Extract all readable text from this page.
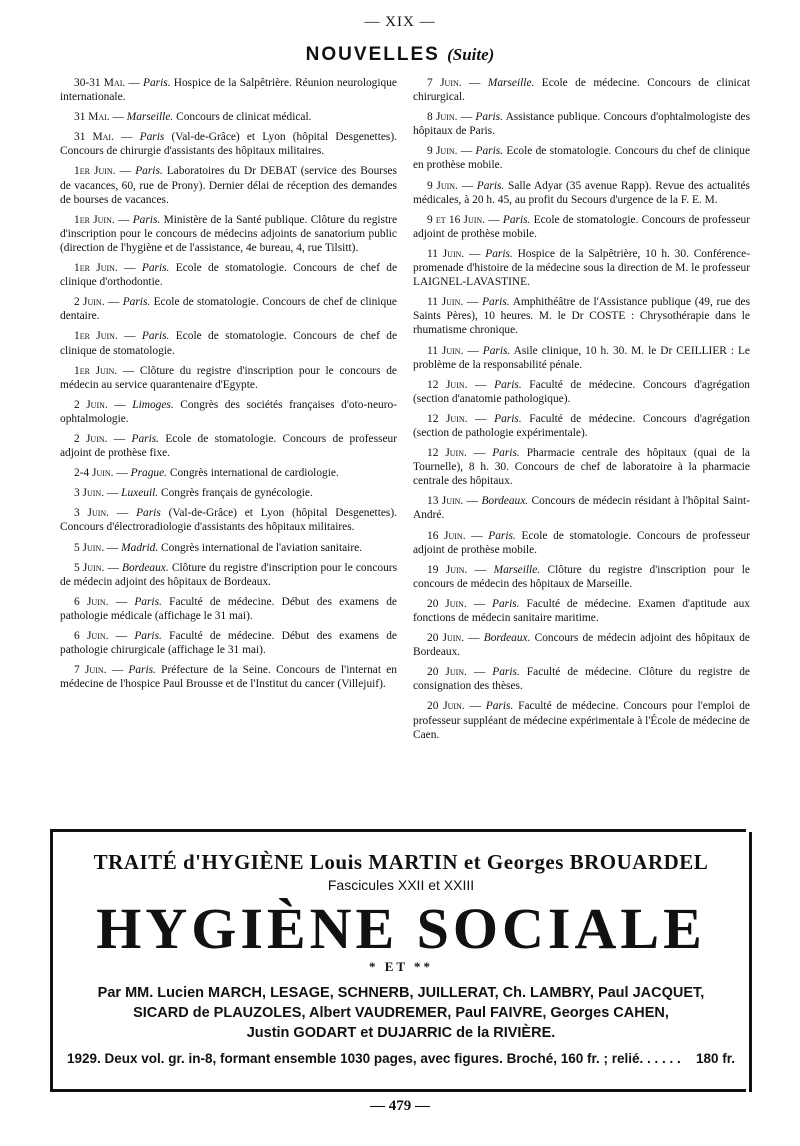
— XIX —
NOUVELLES (Suite)

30-31 Mai. — Paris. Hospice de la Salpêtrière. Réunion neurologique internationale.

31 Mai. — Marseille. Concours de clinicat médical.

31 Mai. — Paris (Val-de-Grâce) et Lyon (hôpital Desgenettes). Concours de chirurgie d'assistants des hôpitaux militaires.

1er Juin. — Paris. Laboratoires du Dr DEBAT (service des Bourses de vacances, 60, rue de Prony). Dernier délai de réception des demandes de bourses de vacances.

1er Juin. — Paris. Ministère de la Santé publique. Clôture du registre d'inscription pour le concours de médecins adjoints de sanatorium public (direction de l'hygiène et de l'assistance, 4e bureau, 4, rue Tilsitt).

1er Juin. — Paris. Ecole de stomatologie. Concours de chef de clinique d'orthodontie.

2 Juin. — Paris. Ecole de stomatologie. Concours de chef de clinique dentaire.

1er Juin. — Paris. Ecole de stomatologie. Concours de chef de clinique de stomatologie.

1er Juin. — Clôture du registre d'inscription pour le concours de médecin au service quarantenaire d'Egypte.

2 Juin. — Limoges. Congrès des sociétés françaises d'oto-neuro-ophtalmologie.

2 Juin. — Paris. Ecole de stomatologie. Concours de professeur adjoint de prothèse fixe.

2-4 Juin. — Prague. Congrès international de cardiologie.

3 Juin. — Luxeuil. Congrès français de gynécologie.

3 Juin. — Paris (Val-de-Grâce) et Lyon (hôpital Desgenettes). Concours d'électroradiologie d'assistants des hôpitaux militaires.

5 Juin. — Madrid. Congrès international de l'aviation sanitaire.

5 Juin. — Bordeaux. Clôture du registre d'inscription pour le concours de médecin adjoint des hôpitaux de Bordeaux.

6 Juin. — Paris. Faculté de médecine. Début des examens de pathologie médicale (affichage le 31 mai).

6 Juin. — Paris. Faculté de médecine. Début des examens de pathologie chirurgicale (affichage le 31 mai).

7 Juin. — Paris. Préfecture de la Seine. Concours de l'internat en médecine de l'hospice Paul Brousse et de l'Institut du cancer (Villejuif).

7 Juin. — Marseille. Ecole de médecine. Concours de clinicat chirurgical.

8 Juin. — Paris. Assistance publique. Concours d'ophtalmologiste des hôpitaux de Paris.

9 Juin. — Paris. Ecole de stomatologie. Concours du chef de clinique en prothèse mobile.

9 Juin. — Paris. Salle Adyar (35 avenue Rapp). Revue des actualités médicales, à 20 h. 45, au profit du Secours d'urgence de la F. E. M.

9 et 16 Juin. — Paris. Ecole de stomatologie. Concours de professeur adjoint de prothèse mobile.

11 Juin. — Paris. Hospice de la Salpêtrière, 10 h. 30. Conférence-promenade d'histoire de la médecine sous la direction de M. le professeur LAIGNEL-LAVASTINE.

11 Juin. — Paris. Amphithéâtre de l'Assistance publique (49, rue des Saints Pères), 10 heures. M. le Dr COSTE : Chrysothérapie dans le rhumatisme chronique.

11 Juin. — Paris. Asile clinique, 10 h. 30. M. le Dr CEILLIER : Le problème de la responsabilité pénale.

12 Juin. — Paris. Faculté de médecine. Concours d'agrégation (section d'anatomie pathologique).

12 Juin. — Paris. Faculté de médecine. Concours d'agrégation (section de pathologie expérimentale).

12 Juin. — Paris. Pharmacie centrale des hôpitaux (quai de la Tournelle), 8 h. 30. Concours de chef de laboratoire à la pharmacie centrale des hôpitaux.

13 Juin. — Bordeaux. Concours de médecin résidant à l'hôpital Saint-André.

16 Juin. — Paris. Ecole de stomatologie. Concours de professeur adjoint de prothèse mobile.

19 Juin. — Marseille. Clôture du registre d'inscription pour le concours de médecin des hôpitaux de Marseille.

20 Juin. — Paris. Faculté de médecine. Examen d'aptitude aux fonctions de médecin sanitaire maritime.

20 Juin. — Bordeaux. Concours de médecin adjoint des hôpitaux de Bordeaux.

20 Juin. — Paris. Faculté de médecine. Clôture du registre de consignation des thèses.

20 Juin. — Paris. Faculté de médecine. Concours pour l'emploi de professeur suppléant de médecine expérimentale à l'École de médecine de Caen.

TRAITÉ d'HYGIÈNE Louis MARTIN et Georges BROUARDEL
Fascicules XXII et XXIII
HYGIÈNE SOCIALE
* ET **
Par MM. Lucien MARCH, LESAGE, SCHNERB, JUILLERAT, Ch. LAMBRY, Paul JACQUET,
SICARD de PLAUZOLES, Albert VAUDREMER, Paul FAIVRE, Georges CAHEN,
Justin GODART et DUJARRIC de la RIVIÈRE.
1929. Deux vol. gr. in-8, formant ensemble 1030 pages, avec figures. Broché, 160 fr. ; relié. . . . . . 180 fr.
— 479 —
